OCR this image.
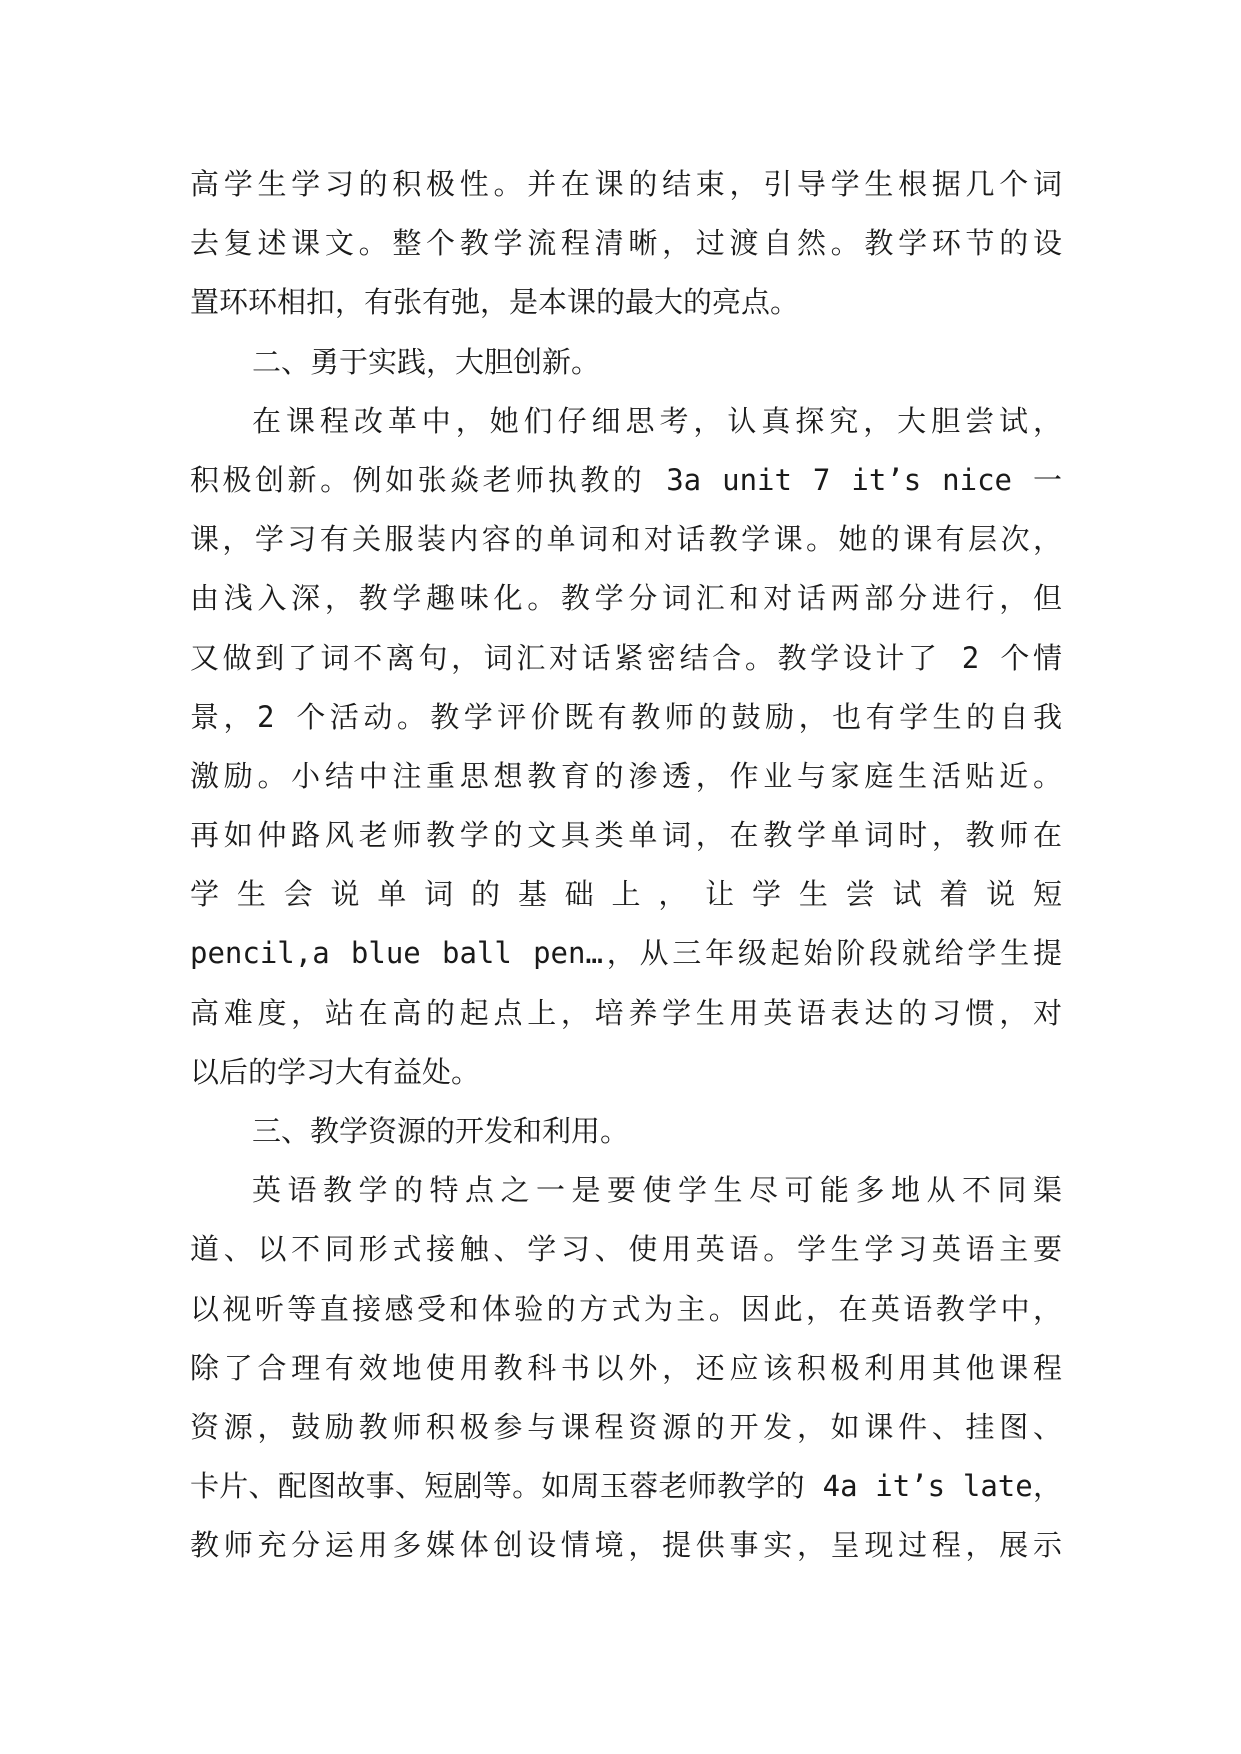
高学生学习的积极性。并在课的结束，引导学生根据几个词
去复述课文。整个教学流程清晰，过渡自然。教学环节的设
置环环相扣，有张有弛，是本课的最大的亮点。
二、勇于实践，大胆创新。
在课程改革中，她们仔细思考，认真探究，大胆尝试，
积极创新。例如张焱老师执教的 3a unit 7 it’s nice 一
课，学习有关服装内容的单词和对话教学课。她的课有层次，
由浅入深，教学趣味化。教学分词汇和对话两部分进行，但
又做到了词不离句，词汇对话紧密结合。教学设计了 2 个情
景，2 个活动。教学评价既有教师的鼓励，也有学生的自我
激励。小结中注重思想教育的渗透，作业与家庭生活贴近。
再如仲路风老师教学的文具类单词，在教学单词时，教师在
学 生 会 说 单 词 的 基 础 上 ， 让 学 生 尝 试 着 说 短
pencil,a blue ball pen…，从三年级起始阶段就给学生提
高难度，站在高的起点上，培养学生用英语表达的习惯，对
以后的学习大有益处。
三、教学资源的开发和利用。
英语教学的特点之一是要使学生尽可能多地从不同渠
道、以不同形式接触、学习、使用英语。学生学习英语主要
以视听等直接感受和体验的方式为主。因此，在英语教学中，
除了合理有效地使用教科书以外，还应该积极利用其他课程
资源，鼓励教师积极参与课程资源的开发，如课件、挂图、
卡片、配图故事、短剧等。如周玉蓉老师教学的 4a it’s late，
教师充分运用多媒体创设情境，提供事实，呈现过程，展示
